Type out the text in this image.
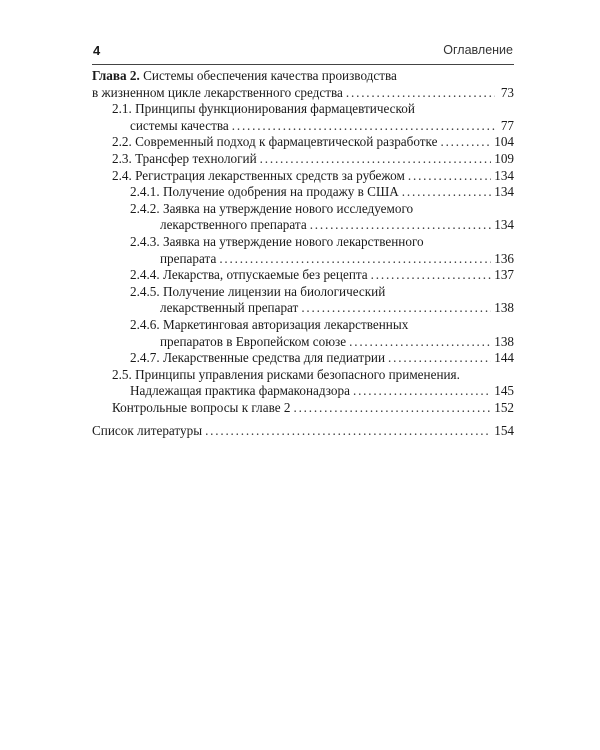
4	Оглавление
Глава 2. Системы обеспечения качества производства
в жизненном цикле лекарственного средства .....	73
2.1. Принципы функционирования фармацевтической
системы качества .....	77
2.2. Современный подход к фармацевтической разработке .....	104
2.3. Трансфер технологий .....	109
2.4. Регистрация лекарственных средств за рубежом .....	134
2.4.1. Получение одобрения на продажу в США .....	134
2.4.2. Заявка на утверждение нового исследуемого
лекарственного препарата .....	134
2.4.3. Заявка на утверждение нового лекарственного
препарата .....	136
2.4.4. Лекарства, отпускаемые без рецепта .....	137
2.4.5. Получение лицензии на биологический
лекарственный препарат .....	138
2.4.6. Маркетинговая авторизация лекарственных
препаратов в Европейском союзе .....	138
2.4.7. Лекарственные средства для педиатрии .....	144
2.5. Принципы управления рисками безопасного применения.
Надлежащая практика фармаконадзора .....	145
Контрольные вопросы к главе 2 .....	152
Список литературы .....	154
